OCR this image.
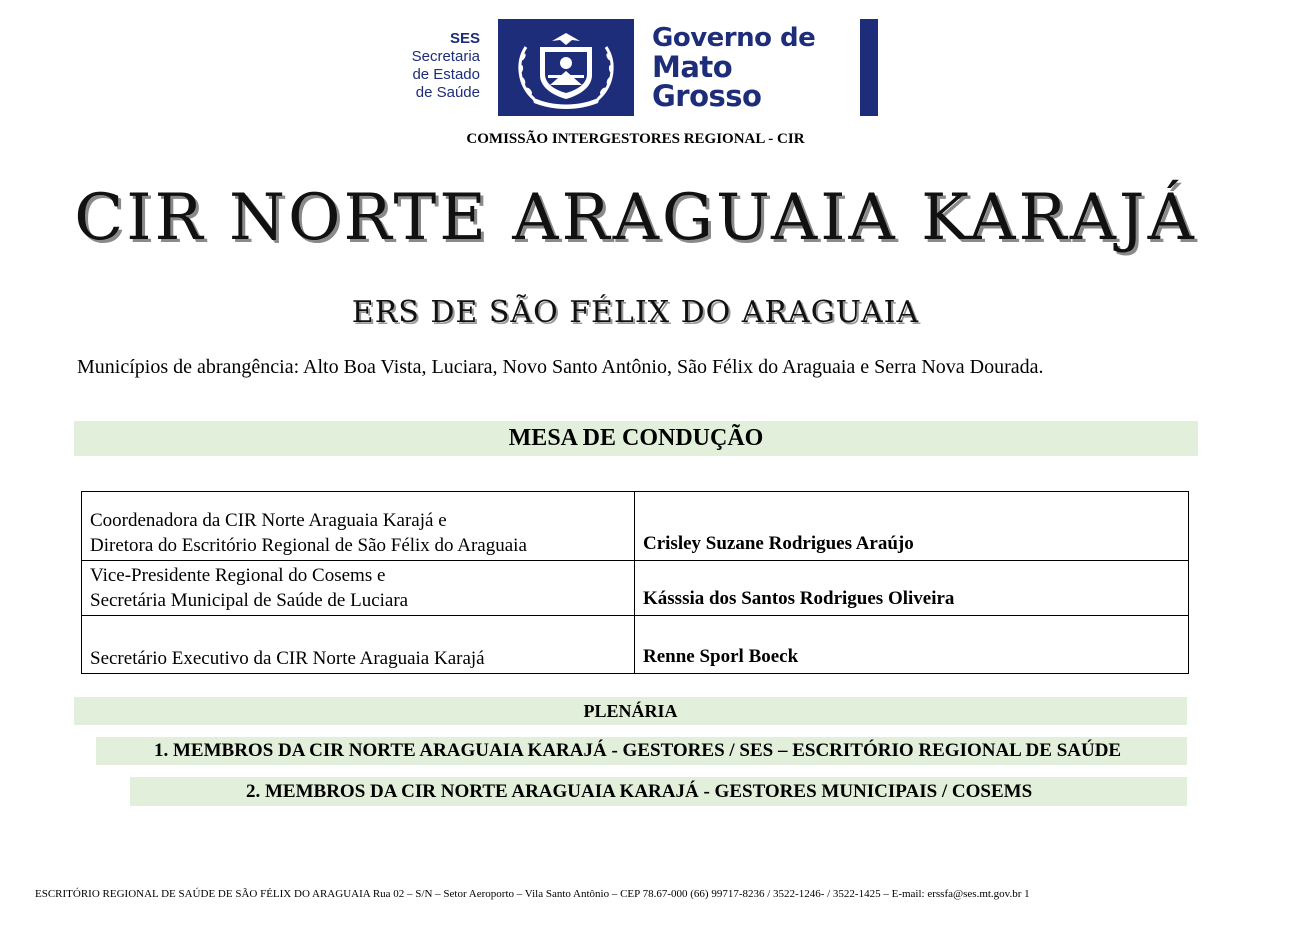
SES
Secretaria
de Estado
de Saúde
Governo de
Mato
Grosso
COMISSÃO INTERGESTORES REGIONAL - CIR
CIR NORTE ARAGUAIA KARAJÁ
ERS DE SÃO FÉLIX DO ARAGUAIA
Municípios de abrangência: Alto Boa Vista, Luciara, Novo Santo Antônio, São Félix do Araguaia e Serra Nova Dourada.
MESA DE CONDUÇÃO
Coordenadora da CIR Norte Araguaia Karajá e
Diretora do Escritório Regional de São Félix do Araguaia	Crisley Suzane Rodrigues Araújo

Vice-Presidente Regional do Cosems e
Secretária Municipal de Saúde de Luciara	Kásssia dos Santos Rodrigues Oliveira

Secretário Executivo da CIR Norte Araguaia Karajá	Renne Sporl Boeck
PLENÁRIA
1. MEMBROS DA CIR NORTE ARAGUAIA KARAJÁ - GESTORES / SES – ESCRITÓRIO REGIONAL DE SAÚDE
2. MEMBROS DA CIR NORTE ARAGUAIA KARAJÁ - GESTORES MUNICIPAIS / COSEMS
ESCRITÓRIO REGIONAL DE SAÚDE DE SÃO FÉLIX DO ARAGUAIA Rua 02 – S/N – Setor Aeroporto – Vila Santo Antônio – CEP 78.67-000 (66) 99717-8236 / 3522-1246- / 3522-1425 – E-mail: erssfa@ses.mt.gov.br 1
